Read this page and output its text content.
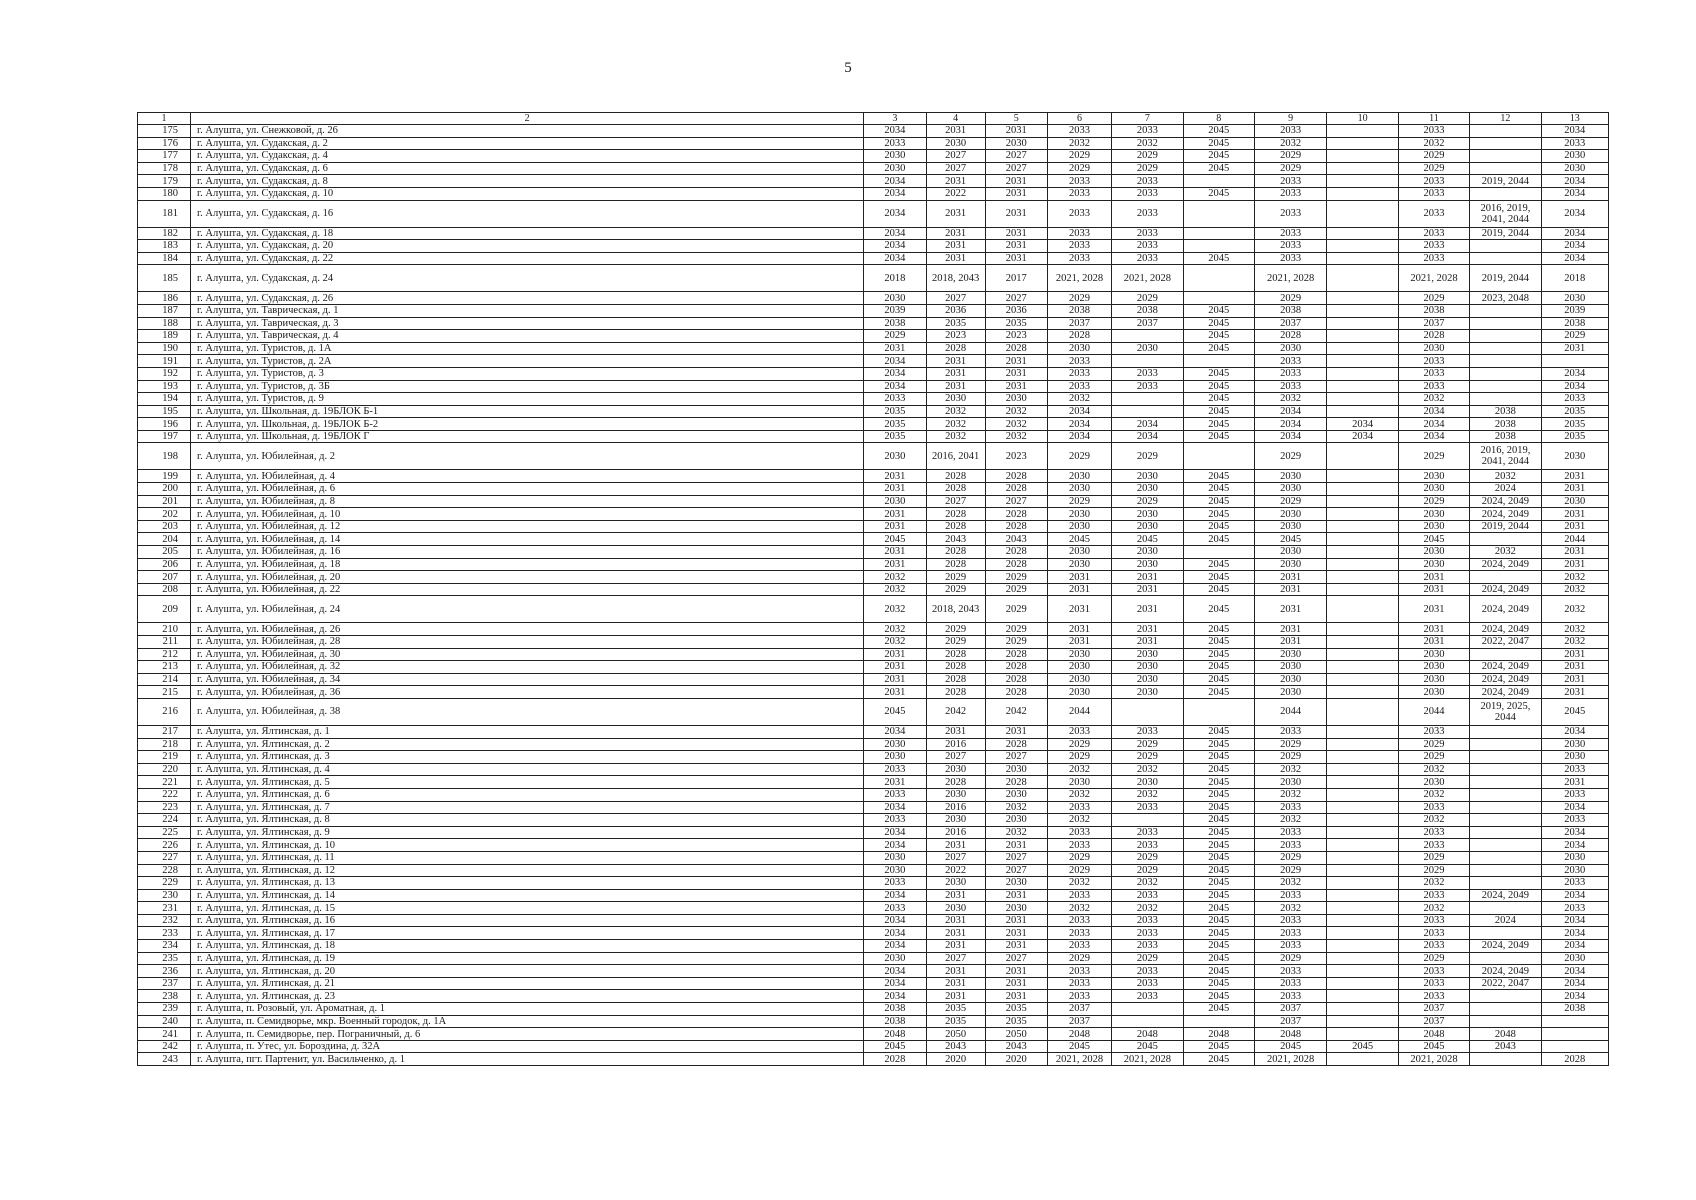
5
1	2	3	4	5	6	7	8	9	10	11	12	13
175	г. Алушта, ул. Снежковой, д. 26	2034	2031	2031	2033	2033	2045	2033		2033		2034
176	г. Алушта, ул. Судакская, д. 2	2033	2030	2030	2032	2032	2045	2032		2032		2033
177	г. Алушта, ул. Судакская, д. 4	2030	2027	2027	2029	2029	2045	2029		2029		2030
178	г. Алушта, ул. Судакская, д. 6	2030	2027	2027	2029	2029	2045	2029		2029		2030
179	г. Алушта, ул. Судакская, д. 8	2034	2031	2031	2033	2033		2033		2033	2019, 2044	2034
180	г. Алушта, ул. Судакская, д. 10	2034	2022	2031	2033	2033	2045	2033		2033		2034
181	г. Алушта, ул. Судакская, д. 16	2034	2031	2031	2033	2033		2033		2033	2016, 2019, 2041, 2044	2034
182	г. Алушта, ул. Судакская, д. 18	2034	2031	2031	2033	2033		2033		2033	2019, 2044	2034
183	г. Алушта, ул. Судакская, д. 20	2034	2031	2031	2033	2033		2033		2033		2034
184	г. Алушта, ул. Судакская, д. 22	2034	2031	2031	2033	2033	2045	2033		2033		2034
185	г. Алушта, ул. Судакская, д. 24	2018	2018, 2043	2017	2021, 2028	2021, 2028		2021, 2028		2021, 2028	2019, 2044	2018
186	г. Алушта, ул. Судакская, д. 26	2030	2027	2027	2029	2029		2029		2029	2023, 2048	2030
187	г. Алушта, ул. Таврическая, д. 1	2039	2036	2036	2038	2038	2045	2038		2038		2039
188	г. Алушта, ул. Таврическая, д. 3	2038	2035	2035	2037	2037	2045	2037		2037		2038
189	г. Алушта, ул. Таврическая, д. 4	2029	2023	2023	2028		2045	2028		2028		2029
190	г. Алушта, ул. Туристов, д. 1А	2031	2028	2028	2030	2030	2045	2030		2030		2031
191	г. Алушта, ул. Туристов, д. 2А	2034	2031	2031	2033			2033		2033		
192	г. Алушта, ул. Туристов, д. 3	2034	2031	2031	2033	2033	2045	2033		2033		2034
193	г. Алушта, ул. Туристов, д. 3Б	2034	2031	2031	2033	2033	2045	2033		2033		2034
194	г. Алушта, ул. Туристов, д. 9	2033	2030	2030	2032		2045	2032		2032		2033
195	г. Алушта, ул. Школьная, д. 19БЛОК Б-1	2035	2032	2032	2034		2045	2034		2034	2038	2035
196	г. Алушта, ул. Школьная, д. 19БЛОК Б-2	2035	2032	2032	2034	2034	2045	2034	2034	2034	2038	2035
197	г. Алушта, ул. Школьная, д. 19БЛОК Г	2035	2032	2032	2034	2034	2045	2034	2034	2034	2038	2035
198	г. Алушта, ул. Юбилейная, д. 2	2030	2016, 2041	2023	2029	2029		2029		2029	2016, 2019, 2041, 2044	2030
199	г. Алушта, ул. Юбилейная, д. 4	2031	2028	2028	2030	2030	2045	2030		2030	2032	2031
200	г. Алушта, ул. Юбилейная, д. 6	2031	2028	2028	2030	2030	2045	2030		2030	2024	2031
201	г. Алушта, ул. Юбилейная, д. 8	2030	2027	2027	2029	2029	2045	2029		2029	2024, 2049	2030
202	г. Алушта, ул. Юбилейная, д. 10	2031	2028	2028	2030	2030	2045	2030		2030	2024, 2049	2031
203	г. Алушта, ул. Юбилейная, д. 12	2031	2028	2028	2030	2030	2045	2030		2030	2019, 2044	2031
204	г. Алушта, ул. Юбилейная, д. 14	2045	2043	2043	2045	2045	2045	2045		2045		2044
205	г. Алушта, ул. Юбилейная, д. 16	2031	2028	2028	2030	2030		2030		2030	2032	2031
206	г. Алушта, ул. Юбилейная, д. 18	2031	2028	2028	2030	2030	2045	2030		2030	2024, 2049	2031
207	г. Алушта, ул. Юбилейная, д. 20	2032	2029	2029	2031	2031	2045	2031		2031		2032
208	г. Алушта, ул. Юбилейная, д. 22	2032	2029	2029	2031	2031	2045	2031		2031	2024, 2049	2032
209	г. Алушта, ул. Юбилейная, д. 24	2032	2018, 2043	2029	2031	2031	2045	2031		2031	2024, 2049	2032
210	г. Алушта, ул. Юбилейная, д. 26	2032	2029	2029	2031	2031	2045	2031		2031	2024, 2049	2032
211	г. Алушта, ул. Юбилейная, д. 28	2032	2029	2029	2031	2031	2045	2031		2031	2022, 2047	2032
212	г. Алушта, ул. Юбилейная, д. 30	2031	2028	2028	2030	2030	2045	2030		2030		2031
213	г. Алушта, ул. Юбилейная, д. 32	2031	2028	2028	2030	2030	2045	2030		2030	2024, 2049	2031
214	г. Алушта, ул. Юбилейная, д. 34	2031	2028	2028	2030	2030	2045	2030		2030	2024, 2049	2031
215	г. Алушта, ул. Юбилейная, д. 36	2031	2028	2028	2030	2030	2045	2030		2030	2024, 2049	2031
216	г. Алушта, ул. Юбилейная, д. 38	2045	2042	2042	2044			2044		2044	2019, 2025, 2044	2045
217	г. Алушта, ул. Ялтинская, д. 1	2034	2031	2031	2033	2033	2045	2033		2033		2034
218	г. Алушта, ул. Ялтинская, д. 2	2030	2016	2028	2029	2029	2045	2029		2029		2030
219	г. Алушта, ул. Ялтинская, д. 3	2030	2027	2027	2029	2029	2045	2029		2029		2030
220	г. Алушта, ул. Ялтинская, д. 4	2033	2030	2030	2032	2032	2045	2032		2032		2033
221	г. Алушта, ул. Ялтинская, д. 5	2031	2028	2028	2030	2030	2045	2030		2030		2031
222	г. Алушта, ул. Ялтинская, д. 6	2033	2030	2030	2032	2032	2045	2032		2032		2033
223	г. Алушта, ул. Ялтинская, д. 7	2034	2016	2032	2033	2033	2045	2033		2033		2034
224	г. Алушта, ул. Ялтинская, д. 8	2033	2030	2030	2032		2045	2032		2032		2033
225	г. Алушта, ул. Ялтинская, д. 9	2034	2016	2032	2033	2033	2045	2033		2033		2034
226	г. Алушта, ул. Ялтинская, д. 10	2034	2031	2031	2033	2033	2045	2033		2033		2034
227	г. Алушта, ул. Ялтинская, д. 11	2030	2027	2027	2029	2029	2045	2029		2029		2030
228	г. Алушта, ул. Ялтинская, д. 12	2030	2022	2027	2029	2029	2045	2029		2029		2030
229	г. Алушта, ул. Ялтинская, д. 13	2033	2030	2030	2032	2032	2045	2032		2032		2033
230	г. Алушта, ул. Ялтинская, д. 14	2034	2031	2031	2033	2033	2045	2033		2033	2024, 2049	2034
231	г. Алушта, ул. Ялтинская, д. 15	2033	2030	2030	2032	2032	2045	2032		2032		2033
232	г. Алушта, ул. Ялтинская, д. 16	2034	2031	2031	2033	2033	2045	2033		2033	2024	2034
233	г. Алушта, ул. Ялтинская, д. 17	2034	2031	2031	2033	2033	2045	2033		2033		2034
234	г. Алушта, ул. Ялтинская, д. 18	2034	2031	2031	2033	2033	2045	2033		2033	2024, 2049	2034
235	г. Алушта, ул. Ялтинская, д. 19	2030	2027	2027	2029	2029	2045	2029		2029		2030
236	г. Алушта, ул. Ялтинская, д. 20	2034	2031	2031	2033	2033	2045	2033		2033	2024, 2049	2034
237	г. Алушта, ул. Ялтинская, д. 21	2034	2031	2031	2033	2033	2045	2033		2033	2022, 2047	2034
238	г. Алушта, ул. Ялтинская, д. 23	2034	2031	2031	2033	2033	2045	2033		2033		2034
239	г. Алушта, п. Розовый, ул. Ароматная, д. 1	2038	2035	2035	2037		2045	2037		2037		2038
240	г. Алушта, п. Семидворье, мкр. Военный городок, д. 1А	2038	2035	2035	2037			2037		2037		
241	г. Алушта, п. Семидворье, пер. Пограничный, д. 6	2048	2050	2050	2048	2048	2048	2048		2048	2048	
242	г. Алушта, п. Утес, ул. Бороздина, д. 32А	2045	2043	2043	2045	2045	2045	2045	2045	2045	2043	
243	г. Алушта, пгт. Партенит, ул. Васильченко, д. 1	2028	2020	2020	2021, 2028	2021, 2028	2045	2021, 2028		2021, 2028		2028
